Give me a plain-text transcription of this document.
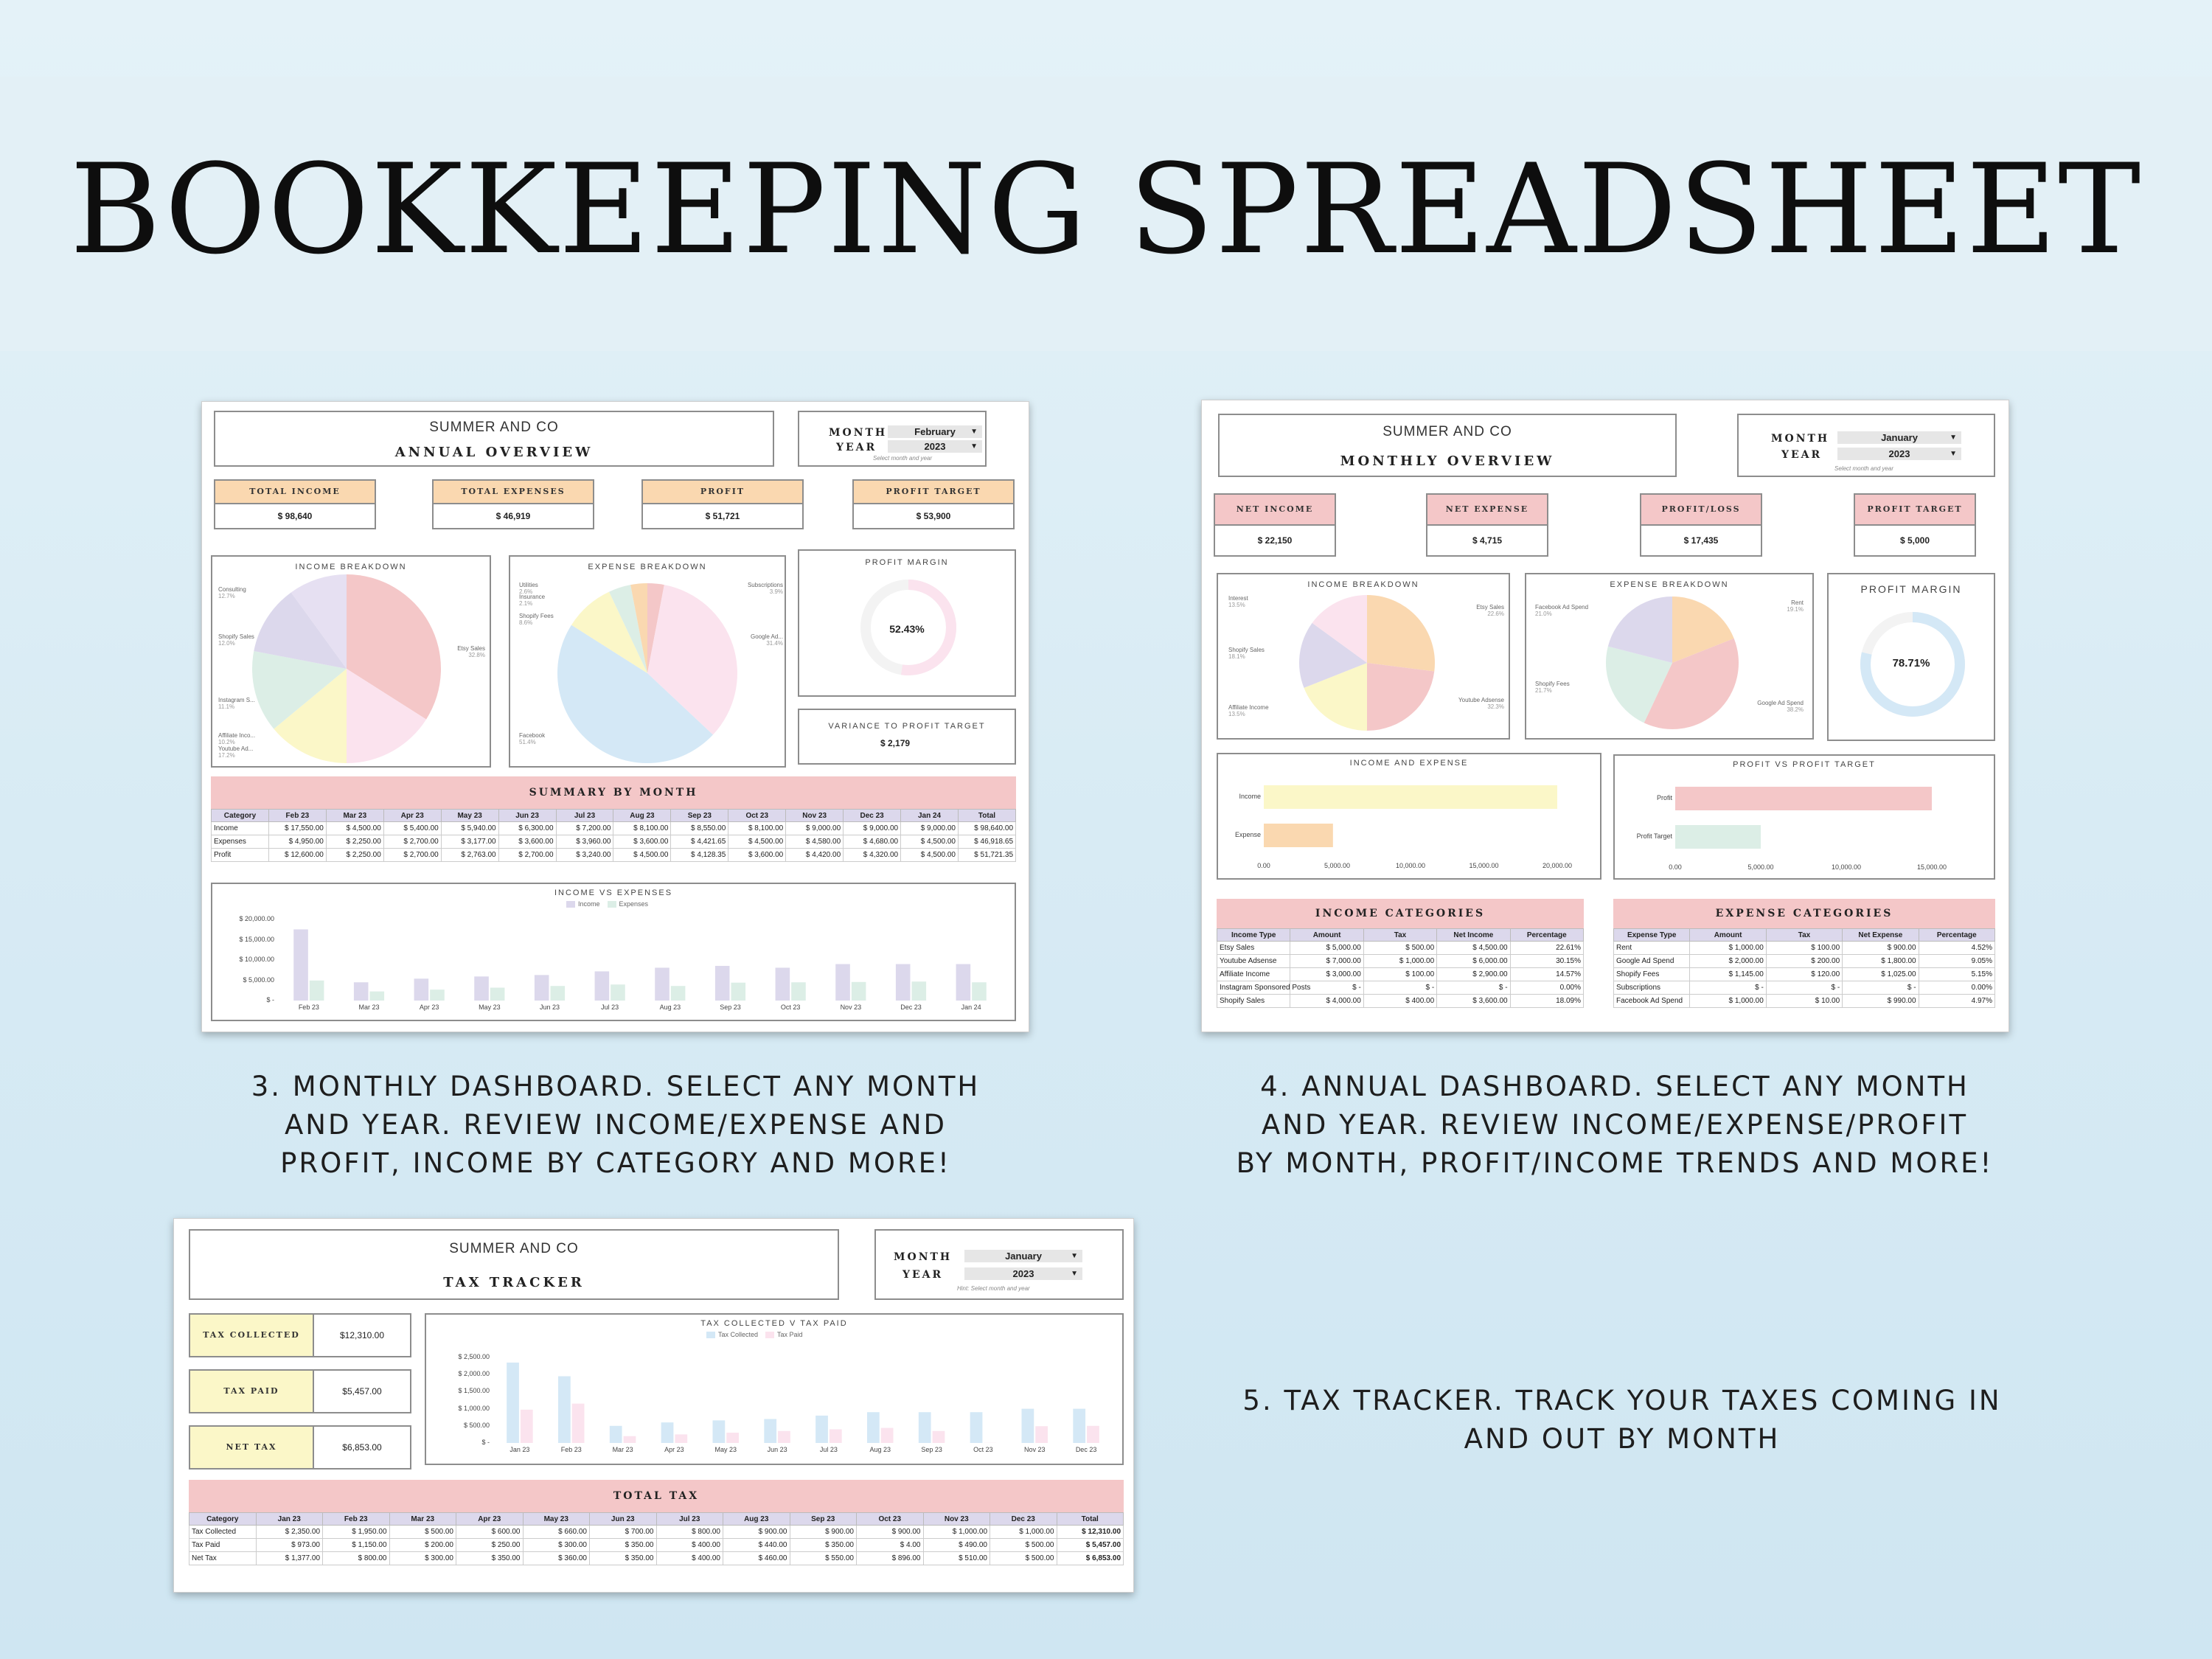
BOOKKEEPING SPREADSHEET
SUMMER AND CO
ANNUAL OVERVIEW
MONTH	February ▼
YEAR	2023	▼
Select month and year
TOTAL INCOME
$ 98,640
TOTAL EXPENSES
$ 46,919
PROFIT
$ 51,721
PROFIT TARGET
$ 53,900
INCOME BREAKDOWN
Consulting
12.7%
Shopify Sales
12.0%
Etsy Sales
32.8%
Instagram S...
11.1%
Affiliate Inco...
10.2%
Youtube Ad...
17.2%
EXPENSE BREAKDOWN
Utilities
2.6%
Insurance
2.1%
Shopify Fees
8.6%
Subscriptions
3.9%
Google Ad...
31.4%
Facebook
51.4%
PROFIT MARGIN
52.43%
VARIANCE TO PROFIT TARGET
$ 2,179
SUMMARY BY MONTH
Category	Feb 23	Mar 23	Apr 23	May 23	Jun 23	Jul 23	Aug 23	Sep 23	Oct 23	Nov 23	Dec 23	Jan 24	Total
Income	$ 17,550.00	$ 4,500.00	$ 5,400.00	$ 5,940.00	$ 6,300.00	$ 7,200.00	$ 8,100.00	$ 8,550.00	$ 8,100.00	$ 9,000.00	$ 9,000.00	$ 9,000.00	$ 98,640.00
Expenses	$ 4,950.00	$ 2,250.00	$ 2,700.00	$ 3,177.00	$ 3,600.00	$ 3,960.00	$ 3,600.00	$ 4,421.65	$ 4,500.00	$ 4,580.00	$ 4,680.00	$ 4,500.00	$ 46,918.65
Profit	$ 12,600.00	$ 2,250.00	$ 2,700.00	$ 2,763.00	$ 2,700.00	$ 3,240.00	$ 4,500.00	$ 4,128.35	$ 3,600.00	$ 4,420.00	$ 4,320.00	$ 4,500.00	$ 51,721.35
INCOME VS EXPENSES
Income	Expenses
$ 20,000.00
$ 15,000.00
$ 10,000.00
$ 5,000.00
$ -
Feb 23	Mar 23	Apr 23	May 23	Jun 23	Jul 23	Aug 23	Sep 23	Oct 23	Nov 23	Dec 23	Jan 24
SUMMER AND CO
MONTHLY OVERVIEW
MONTH	January	▼
YEAR	2023	▼
Select month and year
NET INCOME
$ 22,150
NET EXPENSE
$ 4,715
PROFIT/LOSS
$ 17,435
PROFIT TARGET
$ 5,000
INCOME BREAKDOWN
Interest
13.5%	Etsy Sales
22.6%
Shopify Sales
18.1%
Affiliate Income
13.5%
Youtube Adsense
32.3%
EXPENSE BREAKDOWN
Facebook Ad Spend
21.0%
Rent
19.1%
Shopify Fees
21.7%
Google Ad Spend
38.2%
PROFIT MARGIN
78.71%
INCOME AND EXPENSE
Income
Expense
0.00	5,000.00	10,000.00	15,000.00	20,000.00
PROFIT VS PROFIT TARGET
Profit
Profit Target
0.00	5,000.00	10,000.00	15,000.00
INCOME CATEGORIES
Income Type	Amount	Tax	Net Income	Percentage
Etsy Sales	$ 5,000.00	$ 500.00	$ 4,500.00	22.61%
Youtube Adsense	$ 7,000.00	$ 1,000.00	$ 6,000.00	30.15%
Affiliate Income	$ 3,000.00	$ 100.00	$ 2,900.00	14.57%
Instagram Sponsored Posts	$ -	$ -	$ -	0.00%
Shopify Sales	$ 4,000.00	$ 400.00	$ 3,600.00	18.09%
EXPENSE CATEGORIES
Expense Type	Amount	Tax	Net Expense	Percentage
Rent	$ 1,000.00	$ 100.00	$ 900.00	4.52%
Google Ad Spend	$ 2,000.00	$ 200.00	$ 1,800.00	9.05%
Shopify Fees	$ 1,145.00	$ 120.00	$ 1,025.00	5.15%
Subscriptions	$ -	$ -	$ -	0.00%
Facebook Ad Spend	$ 1,000.00	$ 10.00	$ 990.00	4.97%
SUMMER AND CO
TAX TRACKER
MONTH	January	▼
YEAR	2023	▼
Hint: Select month and year
TAX COLLECTED	$12,310.00
TAX PAID	$5,457.00
NET TAX	$6,853.00
TAX COLLECTED V TAX PAID
Tax Collected	Tax Paid
$ 2,500.00
$ 2,000.00
$ 1,500.00
$ 1,000.00
$ 500.00
$ -
Jan 23	Feb 23	Mar 23	Apr 23	May 23	Jun 23	Jul 23	Aug 23	Sep 23	Oct 23	Nov 23	Dec 23
TOTAL TAX
Category	Jan 23	Feb 23	Mar 23	Apr 23	May 23	Jun 23	Jul 23	Aug 23	Sep 23	Oct 23	Nov 23	Dec 23	Total
Tax Collected	$ 2,350.00	$ 1,950.00	$ 500.00	$ 600.00	$ 660.00	$ 700.00	$ 800.00	$ 900.00	$ 900.00	$ 900.00	$ 1,000.00	$ 1,000.00	$ 12,310.00
Tax Paid	$ 973.00	$ 1,150.00	$ 200.00	$ 250.00	$ 300.00	$ 350.00	$ 400.00	$ 440.00	$ 350.00	$ 4.00	$ 490.00	$ 500.00	$ 5,457.00
Net Tax	$ 1,377.00	$ 800.00	$ 300.00	$ 350.00	$ 360.00	$ 350.00	$ 400.00	$ 460.00	$ 550.00	$ 896.00	$ 510.00	$ 500.00	$ 6,853.00
3. MONTHLY DASHBOARD. SELECT ANY MONTH
AND YEAR. REVIEW INCOME/EXPENSE AND
PROFIT, INCOME BY CATEGORY AND MORE!
4. ANNUAL DASHBOARD. SELECT ANY MONTH
AND YEAR. REVIEW INCOME/EXPENSE/PROFIT
BY MONTH, PROFIT/INCOME TRENDS AND MORE!
5. TAX TRACKER. TRACK YOUR TAXES COMING IN
AND OUT BY MONTH
